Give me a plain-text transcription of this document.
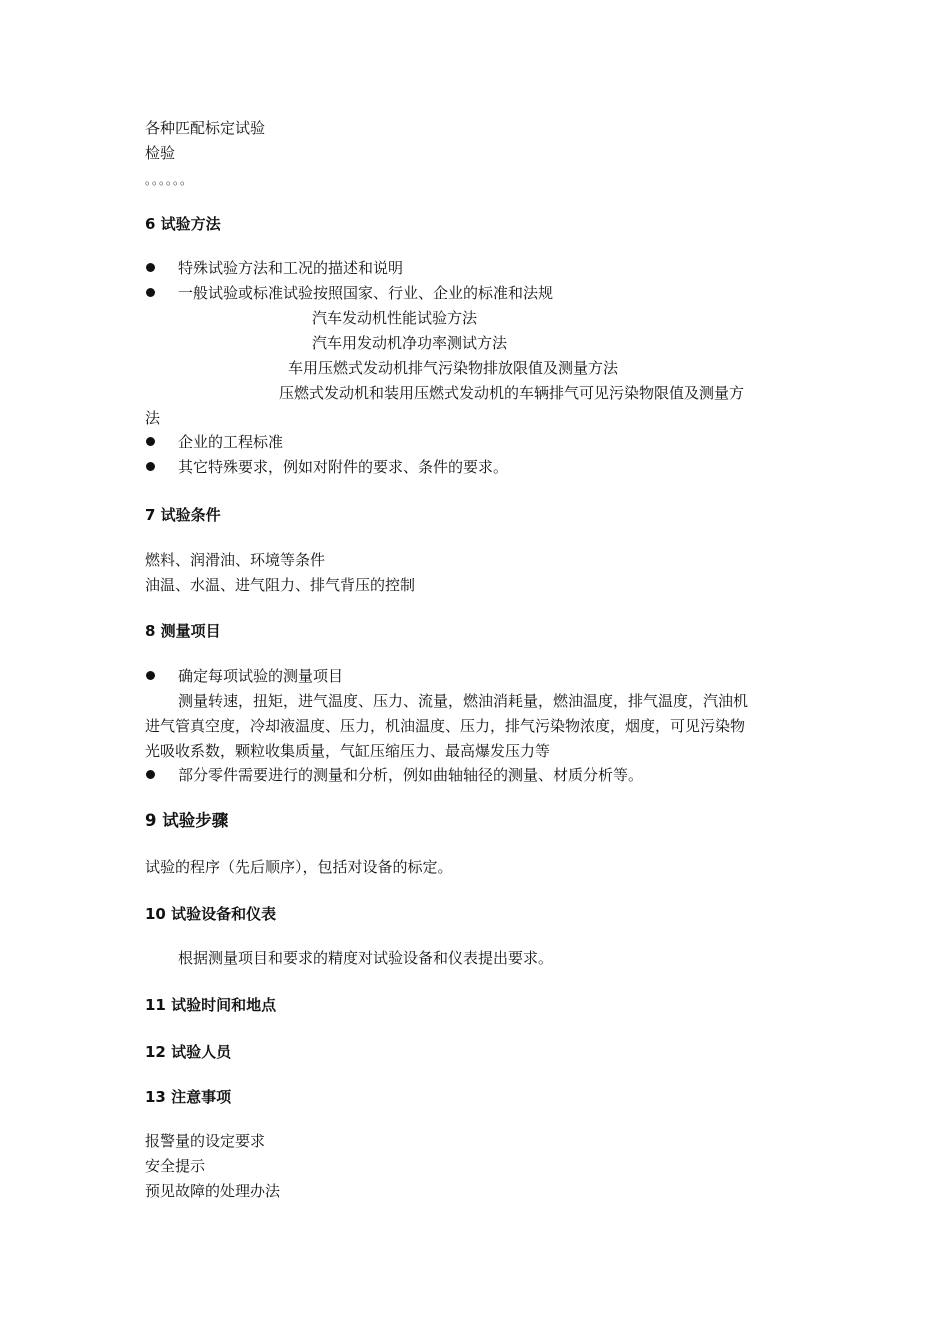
各种匹配标定试验
检验
。。。。。。
6 试验方法
特殊试验方法和工况的描述和说明
一般试验或标准试验按照国家、行业、企业的标准和法规
汽车发动机性能试验方法
汽车用发动机净功率测试方法
车用压燃式发动机排气污染物排放限值及测量方法
压燃式发动机和装用压燃式发动机的车辆排气可见污染物限值及测量方
法
企业的工程标准
其它特殊要求，例如对附件的要求、条件的要求。
7 试验条件
燃料、润滑油、环境等条件
油温、水温、进气阻力、排气背压的控制
8 测量项目
确定每项试验的测量项目
测量转速，扭矩，进气温度、压力、流量，燃油消耗量，燃油温度，排气温度，汽油机
进气管真空度，冷却液温度、压力，机油温度、压力，排气污染物浓度，烟度，可见污染物
光吸收系数，颗粒收集质量，气缸压缩压力、最高爆发压力等
部分零件需要进行的测量和分析，例如曲轴轴径的测量、材质分析等。
9 试验步骤
试验的程序（先后顺序），包括对设备的标定。
10 试验设备和仪表
根据测量项目和要求的精度对试验设备和仪表提出要求。
11 试验时间和地点
12 试验人员
13 注意事项
报警量的设定要求
安全提示
预见故障的处理办法
